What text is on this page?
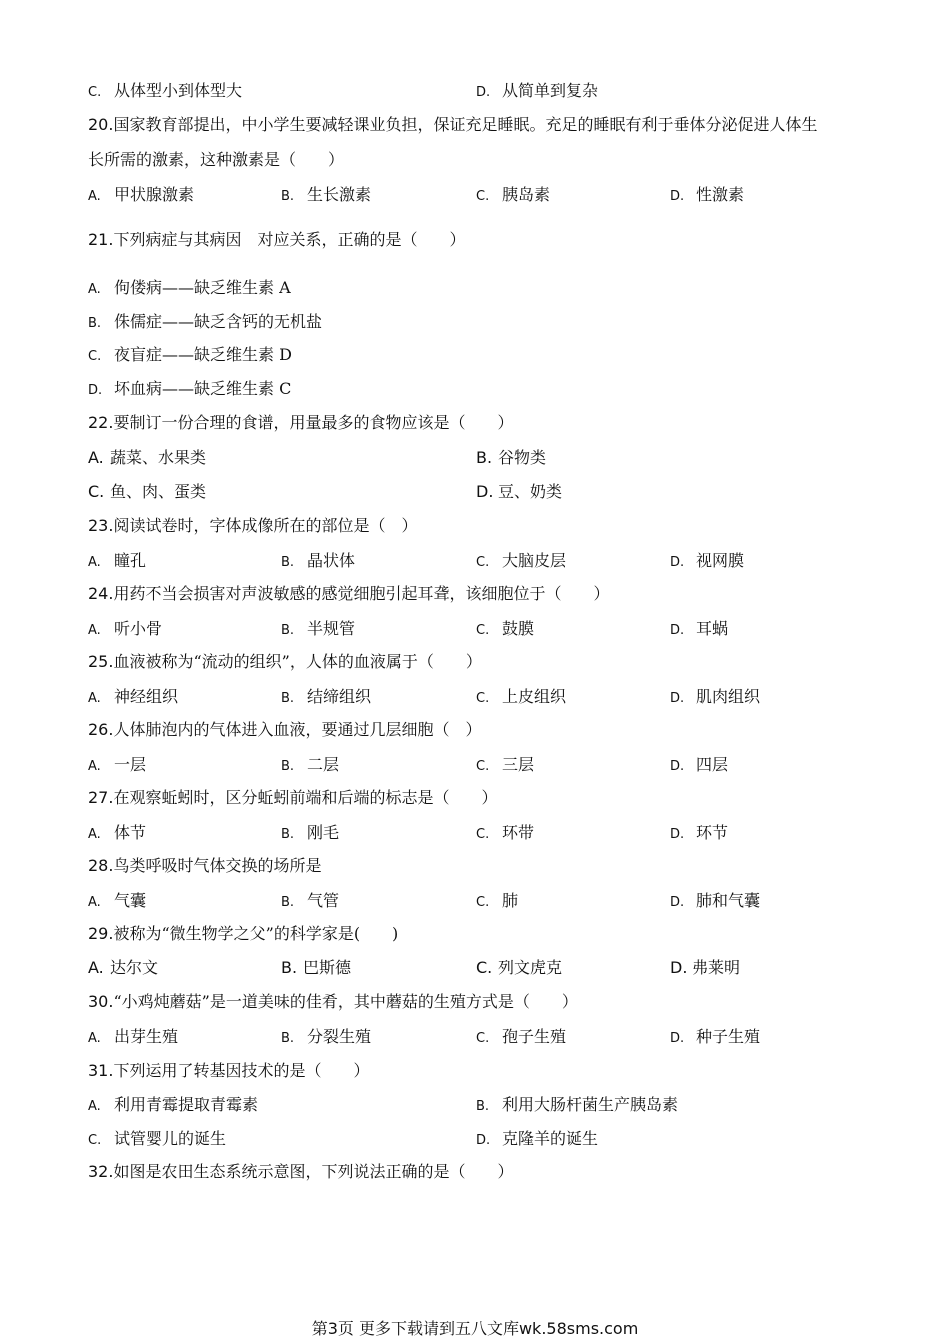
C. 从体型小到体型大	D. 从简单到复杂
20.国家教育部提出，中小学生要减轻课业负担，保证充足睡眠。充足的睡眠有利于垂体分泌促进人体生
长所需的激素，这种激素是（　　）
A. 甲状腺激素	B. 生长激素	C. 胰岛素	D. 性激素
21.下列病症与其病因　对应关系，正确的是（　　）
A. 佝偻病——缺乏维生素 A
B. 侏儒症——缺乏含钙的无机盐
C. 夜盲症——缺乏维生素 D
D. 坏血病——缺乏维生素 C
22.要制订一份合理的食谱，用量最多的食物应该是（　　）
A. 蔬菜、水果类	B. 谷物类
C. 鱼、肉、蛋类	D. 豆、奶类
23.阅读试卷时，字体成像所在的部位是（　）
A. 瞳孔	B. 晶状体	C. 大脑皮层	D. 视网膜
24.用药不当会损害对声波敏感的感觉细胞引起耳聋，该细胞位于（　　）
A. 听小骨	B. 半规管	C. 鼓膜	D. 耳蜗
25.血液被称为“流动的组织”，人体的血液属于（　　）
A. 神经组织	B. 结缔组织	C. 上皮组织	D. 肌肉组织
26.人体肺泡内的气体进入血液，要通过几层细胞（　）
A. 一层	B. 二层	C. 三层	D. 四层
27.在观察蚯蚓时，区分蚯蚓前端和后端的标志是（　　）
A. 体节	B. 刚毛	C. 环带	D. 环节
28.鸟类呼吸时气体交换的场所是
A. 气囊	B. 气管	C. 肺	D. 肺和气囊
29.被称为“微生物学之父”的科学家是(　　)
A. 达尔文	B. 巴斯德	C. 列文虎克	D. 弗莱明
30.“小鸡炖蘑菇”是一道美味的佳肴，其中蘑菇的生殖方式是（　　）
A. 出芽生殖	B. 分裂生殖	C. 孢子生殖	D. 种子生殖
31.下列运用了转基因技术的是（　　）
A. 利用青霉提取青霉素	B. 利用大肠杆菌生产胰岛素
C. 试管婴儿的诞生	D. 克隆羊的诞生
32.如图是农田生态系统示意图，下列说法正确的是（　　）
第3页 更多下载请到五八文库wk.58sms.com
